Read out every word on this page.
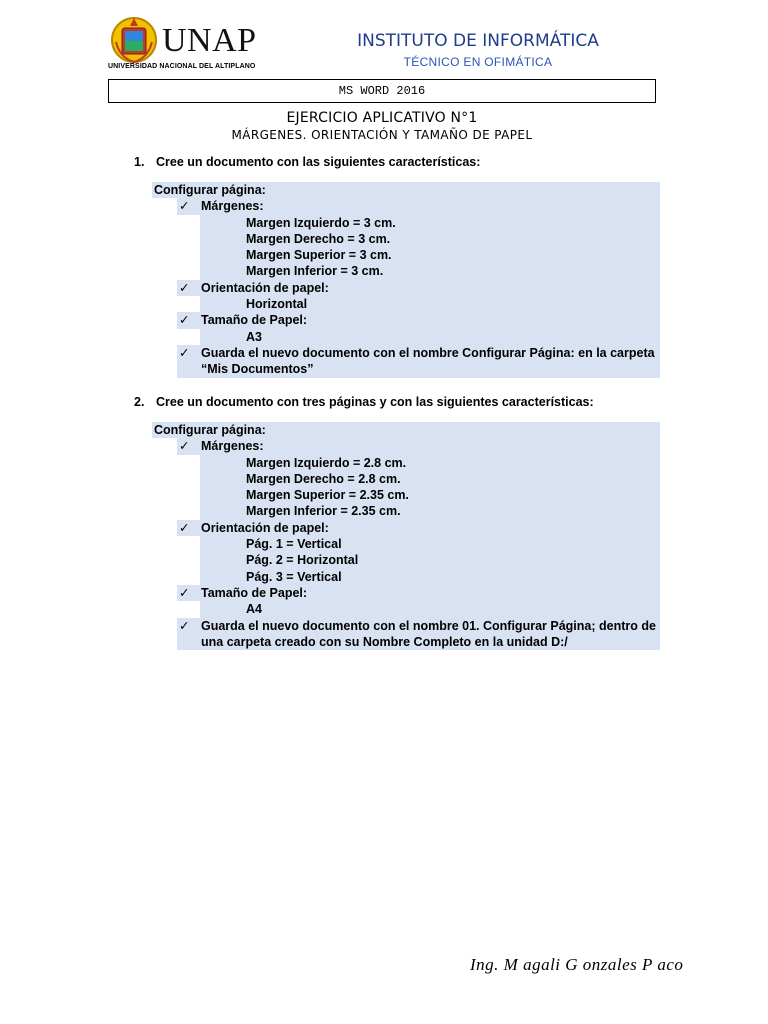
UNAP
UNIVERSIDAD NACIONAL DEL ALTIPLANO
INSTITUTO DE INFORMÁTICA
TÉCNICO EN OFIMÁTICA
MS WORD 2016
EJERCICIO APLICATIVO N°1
MÁRGENES. ORIENTACIÓN Y TAMAÑO DE PAPEL
1. Cree un documento con las siguientes características:
Configurar página:
✓ Márgenes:
Margen Izquierdo = 3 cm.
Margen Derecho = 3 cm.
Margen Superior = 3 cm.
Margen Inferior = 3 cm.
✓ Orientación de papel:
Horizontal
✓ Tamaño de Papel:
A3
✓ Guarda el nuevo documento con el nombre Configurar Página: en la carpeta
“Mis Documentos”
2. Cree un documento con tres páginas y con las siguientes características:
Configurar página:
✓ Márgenes:
Margen Izquierdo = 2.8 cm.
Margen Derecho = 2.8 cm.
Margen Superior = 2.35 cm.
Margen Inferior = 2.35 cm.
✓ Orientación de papel:
Pág. 1 = Vertical
Pág. 2 = Horizontal
Pág. 3 = Vertical
✓ Tamaño de Papel:
A4
✓ Guarda el nuevo documento con el nombre 01. Configurar Página; dentro de
una carpeta creado con su Nombre Completo en la unidad D:/
Ing. M agali G onzales P aco
